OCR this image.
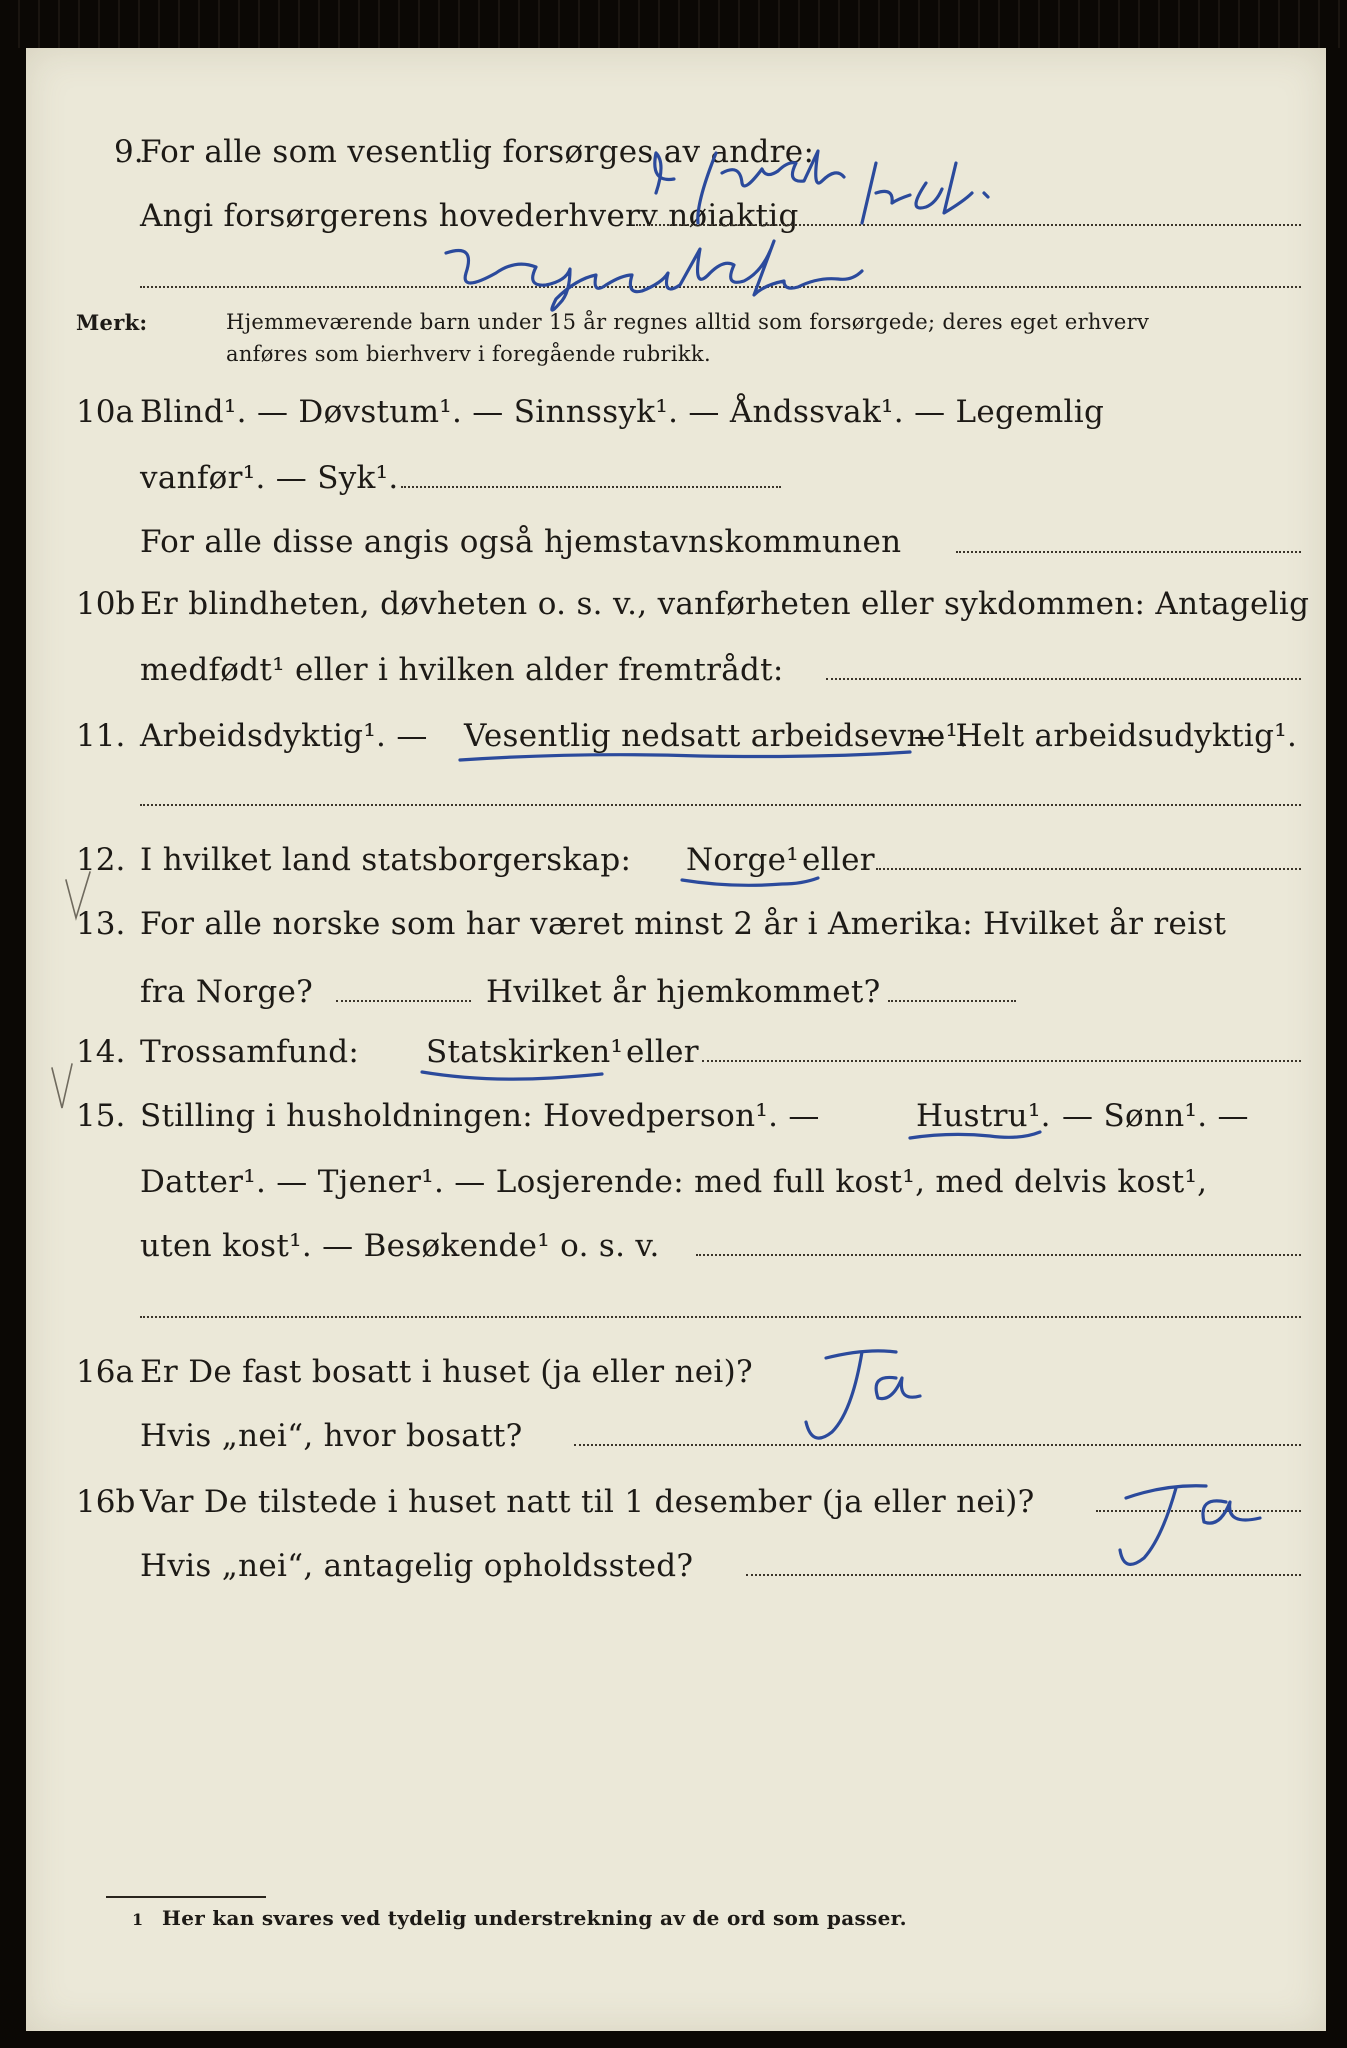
9.
For alle som vesentlig forsørges av andre:
Angi forsørgerens hovederhverv nøiaktig
Merk:	Hjemmeværende barn under 15 år regnes alltid som forsørgede; deres eget erhverv
anføres som bierhverv i foregående rubrikk.
10a Blind¹. — Døvstum¹. — Sinnssyk¹. — Åndssvak¹. — Legemlig
vanfør¹. — Syk¹.
For alle disse angis også hjemstavnskommunen
10b Er blindheten, døvheten o. s. v., vanførheten eller sykdommen: Antagelig
medfødt¹ eller i hvilken alder fremtrådt:
11. Arbeidsdyktig¹. — Vesentlig nedsatt arbeidsevne¹.
— Helt arbeidsudyktig¹.
12. I hvilket land statsborgerskap: Norge¹ eller
13. For alle norske som har været minst 2 år i Amerika: Hvilket år reist
fra Norge?	Hvilket år hjemkommet?
14. Trossamfund: Statskirken¹ eller
15. Stilling i husholdningen: Hovedperson¹. —	Hustru¹. — Sønn¹. —
Datter¹. — Tjener¹. — Losjerende: med full kost¹, med delvis kost¹,
uten kost¹. — Besøkende¹ o. s. v.
16a Er De fast bosatt i huset (ja eller nei)?
Hvis „nei“, hvor bosatt?
16b Var De tilstede i huset natt til 1 desember (ja eller nei)?
Hvis „nei“, antagelig opholdssted?
1 Her kan svares ved tydelig understrekning av de ord som passer.
